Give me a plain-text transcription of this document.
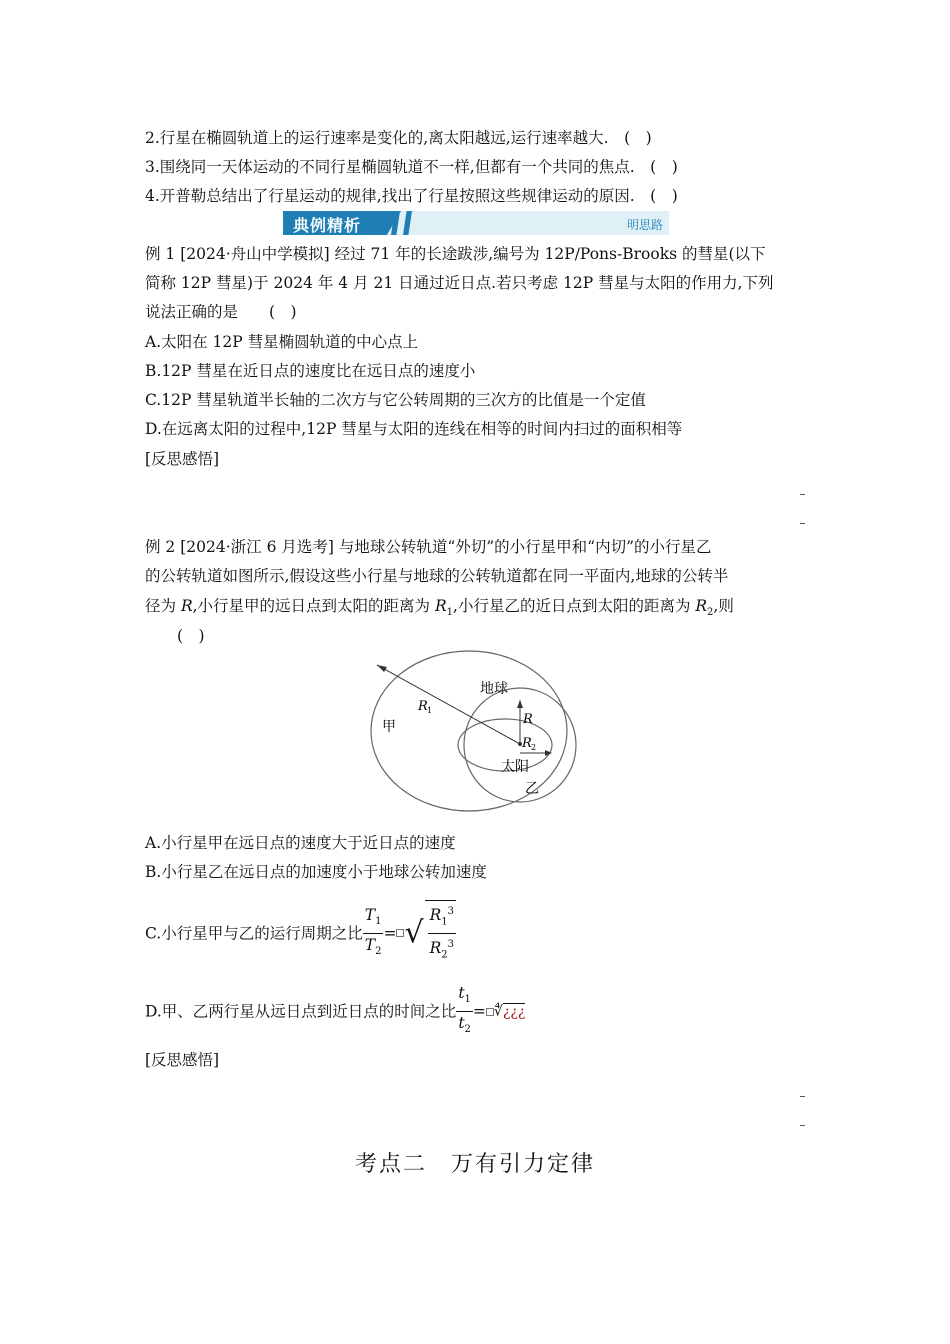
2.行星在椭圆轨道上的运行速率是变化的,离太阳越远,运行速率越大.　(　)
3.围绕同一天体运动的不同行星椭圆轨道不一样,但都有一个共同的焦点.　(　)
4.开普勒总结出了行星运动的规律,找出了行星按照这些规律运动的原因.　(　)
典例精析	明思路
例 1 [2024·舟山中学模拟] 经过 71 年的长途跋涉,编号为 12P/Pons-Brooks 的彗星(以下
简称 12P 彗星)于 2024 年 4 月 21 日通过近日点.若只考虑 12P 彗星与太阳的作用力,下列
说法正确的是　　(　)
A.太阳在 12P 彗星椭圆轨道的中心点上
B.12P 彗星在近日点的速度比在远日点的速度小
C.12P 彗星轨道半长轴的二次方与它公转周期的三次方的比值是一个定值
D.在远离太阳的过程中,12P 彗星与太阳的连线在相等的时间内扫过的面积相等
[反思感悟]
例 2 [2024·浙江 6 月选考] 与地球公转轨道“外切”的小行星甲和“内切”的小行星乙
的公转轨道如图所示,假设这些小行星与地球的公转轨道都在同一平面内,地球的公转半
径为 R,小行星甲的远日点到太阳的距离为 $R_1$,小行星乙的近日点到太阳的距离为 $R_2$,则
(　)
地球
甲
乙
太阳
R 1
R
R 2
A.小行星甲在远日点的速度大于近日点的速度
B.小行星乙在远日点的加速度小于地球公转加速度
C.小行星甲与乙的运行周期之比 $\frac{T_1}{T_2}$ = √ $\frac{R_1^3}{R_2^3}$
D.甲、乙两行星从远日点到近日点的时间之比 $\frac{t_1}{t_2}$ = ∜¿¿¿
[反思感悟]
考点二　万有引力定律
